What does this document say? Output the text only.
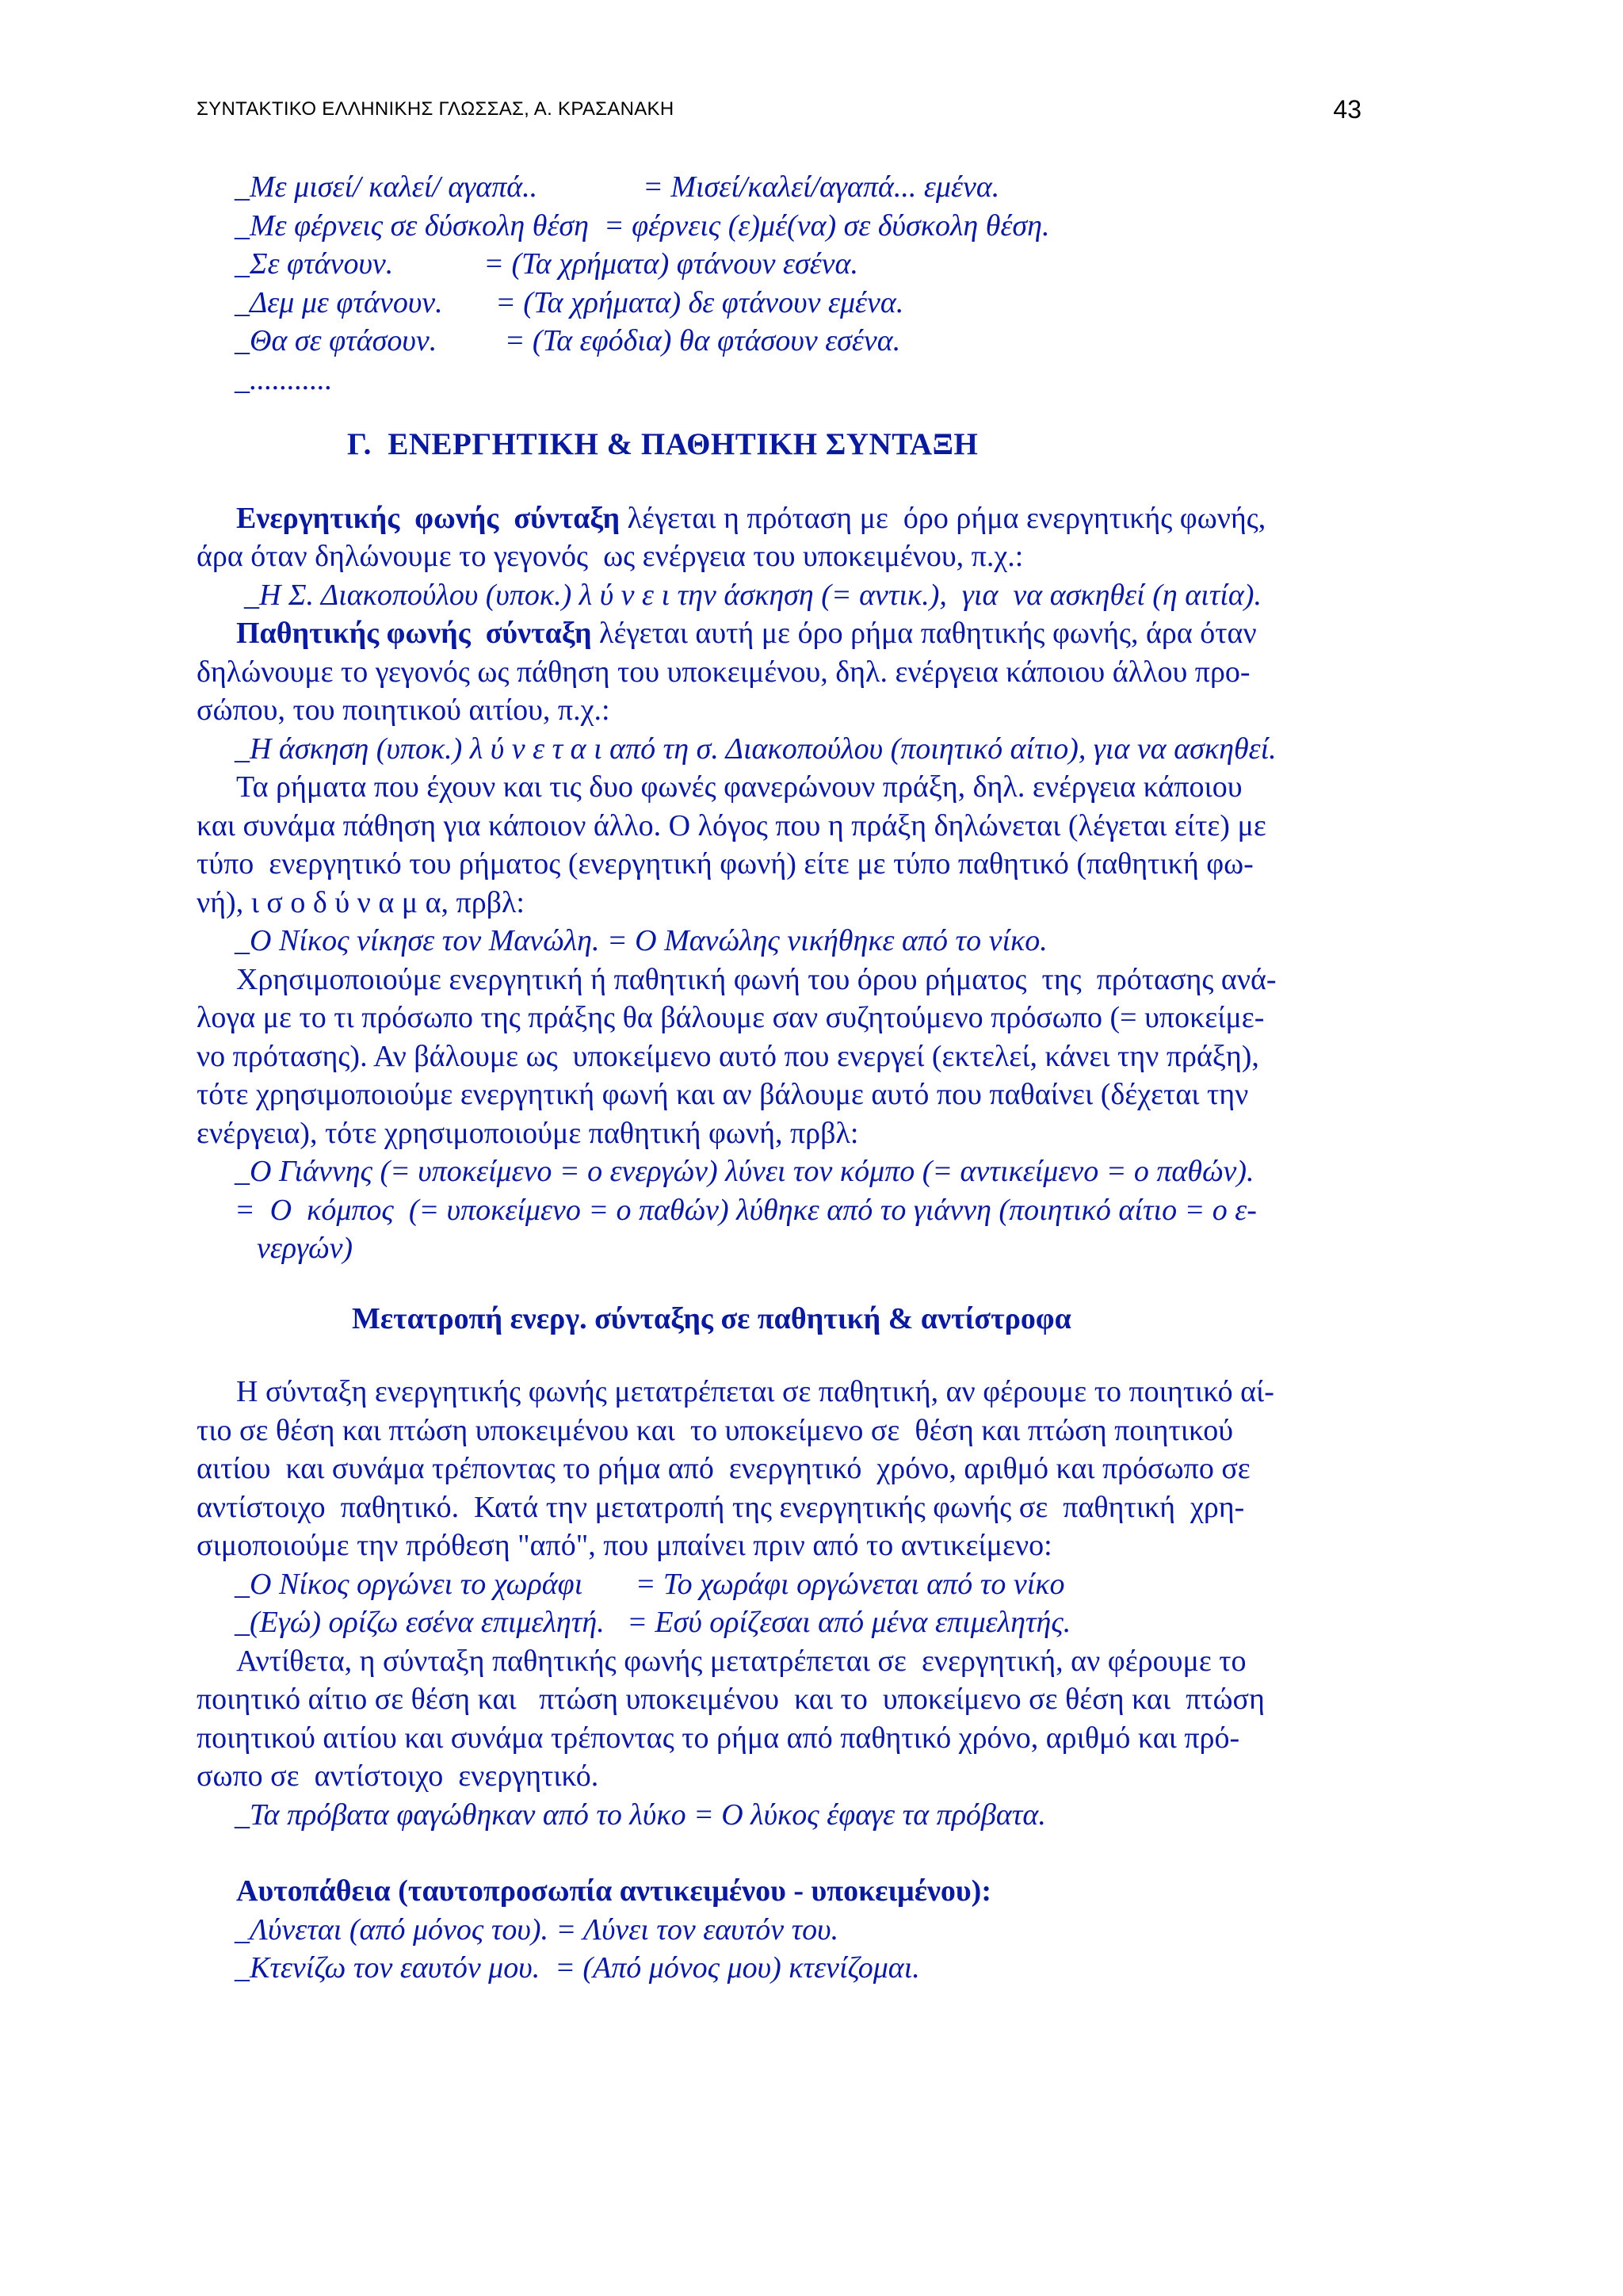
ΣΥΝΤΑΚΤΙΚΟ ΕΛΛΗΝΙΚΗΣ ΓΛΩΣΣΑΣ, Α. ΚΡΑΣΑΝΑΚΗ	43
_Με μισεί/ καλεί/ αγαπά..              = Μισεί/καλεί/αγαπά... εμένα.
_Με φέρνεις σε δύσκολη θέση  = φέρνεις (ε)μέ(να) σε δύσκολη θέση.
_Σε φτάνουν.            = (Τα χρήματα) φτάνουν εσένα.
_Δεμ με φτάνουν.       = (Τα χρήματα) δε φτάνουν εμένα.
_Θα σε φτάσουν.         = (Τα εφόδια) θα φτάσουν εσένα.
_...........
Γ.  ΕΝΕΡΓΗΤΙΚΗ & ΠΑΘΗΤΙΚΗ ΣΥΝΤΑΞΗ
Ενεργητικής  φωνής  σύνταξη λέγεται η πρόταση με  όρο ρήμα ενεργητικής φωνής,
άρα όταν δηλώνουμε το γεγονός  ως ενέργεια του υποκειμένου, π.χ.:
_Η Σ. Διακοπούλου (υποκ.) λ ύ ν ε ι την άσκηση (= αντικ.),  για  να ασκηθεί (η αιτία).
Παθητικής φωνής  σύνταξη λέγεται αυτή με όρο ρήμα παθητικής φωνής, άρα όταν
δηλώνουμε το γεγονός ως πάθηση του υποκειμένου, δηλ. ενέργεια κάποιου άλλου προ-
σώπου, του ποιητικού αιτίου, π.χ.:
_Η άσκηση (υποκ.) λ ύ ν ε τ α ι από τη σ. Διακοπούλου (ποιητικό αίτιο), για να ασκηθεί.
Τα ρήματα που έχουν και τις δυο φωνές φανερώνουν πράξη, δηλ. ενέργεια κάποιου
και συνάμα πάθηση για κάποιον άλλο. Ο λόγος που η πράξη δηλώνεται (λέγεται είτε) με
τύπο  ενεργητικό του ρήματος (ενεργητική φωνή) είτε με τύπο παθητικό (παθητική φω-
νή), ι σ ο δ ύ ν α μ α, πρβλ:
_Ο Νίκος νίκησε τον Μανώλη. = Ο Μανώλης νικήθηκε από το νίκο.
Χρησιμοποιούμε ενεργητική ή παθητική φωνή του όρου ρήματος  της  πρότασης ανά-
λογα με το τι πρόσωπο της πράξης θα βάλουμε σαν συζητούμενο πρόσωπο (= υποκείμε-
νο πρότασης). Αν βάλουμε ως  υποκείμενο αυτό που ενεργεί (εκτελεί, κάνει την πράξη),
τότε χρησιμοποιούμε ενεργητική φωνή και αν βάλουμε αυτό που παθαίνει (δέχεται την
ενέργεια), τότε χρησιμοποιούμε παθητική φωνή, πρβλ:
_Ο Γιάννης (= υποκείμενο = ο ενεργών) λύνει τον κόμπο (= αντικείμενο = ο παθών).
=  Ο  κόμπος  (= υποκείμενο = ο παθών) λύθηκε από το γιάννη (ποιητικό αίτιο = ο ε-
νεργών)
Μετατροπή ενεργ. σύνταξης σε παθητική & αντίστροφα
Η σύνταξη ενεργητικής φωνής μετατρέπεται σε παθητική, αν φέρουμε το ποιητικό αί-
τιο σε θέση και πτώση υποκειμένου και  το υποκείμενο σε  θέση και πτώση ποιητικού
αιτίου  και συνάμα τρέποντας το ρήμα από  ενεργητικό  χρόνο, αριθμό και πρόσωπο σε
αντίστοιχο  παθητικό.  Κατά την μετατροπή της ενεργητικής φωνής σε  παθητική  χρη-
σιμοποιούμε την πρόθεση "από", που μπαίνει πριν από το αντικείμενο:
_Ο Νίκος οργώνει το χωράφι       = Το χωράφι οργώνεται από το νίκο
_(Εγώ) ορίζω εσένα επιμελητή.   = Εσύ ορίζεσαι από μένα επιμελητής.
Αντίθετα, η σύνταξη παθητικής φωνής μετατρέπεται σε  ενεργητική, αν φέρουμε το
ποιητικό αίτιο σε θέση και   πτώση υποκειμένου  και το  υποκείμενο σε θέση και  πτώση
ποιητικού αιτίου και συνάμα τρέποντας το ρήμα από παθητικό χρόνο, αριθμό και πρό-
σωπο σε  αντίστοιχο  ενεργητικό.
_Τα πρόβατα φαγώθηκαν από το λύκο = Ο λύκος έφαγε τα πρόβατα.
Αυτοπάθεια (ταυτοπροσωπία αντικειμένου - υποκειμένου):
_Λύνεται (από μόνος του). = Λύνει τον εαυτόν του.
_Κτενίζω τον εαυτόν μου.  = (Από μόνος μου) κτενίζομαι.
